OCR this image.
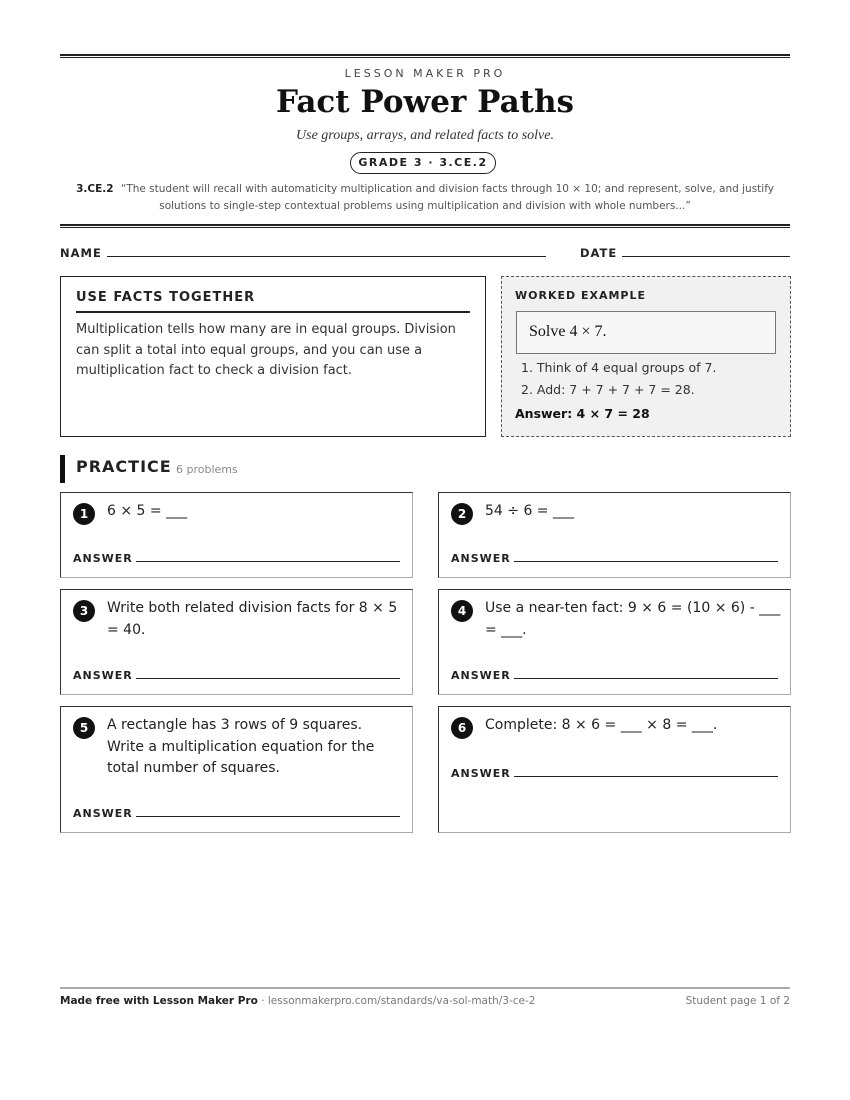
LESSON MAKER PRO
Fact Power Paths
Use groups, arrays, and related facts to solve.
GRADE 3 · 3.CE.2
3.CE.2 “The student will recall with automaticity multiplication and division facts through 10 × 10; and represent, solve, and justify solutions to single-step contextual problems using multiplication and division with whole numbers...”
NAME	DATE
USE FACTS TOGETHER
Multiplication tells how many are in equal groups. Division can split a total into equal groups, and you can use a multiplication fact to check a division fact.
WORKED EXAMPLE
Solve 4 × 7.
1. Think of 4 equal groups of 7.
2. Add: 7 + 7 + 7 + 7 = 28.
Answer: 4 × 7 = 28
PRACTICE 6 problems
1	6 × 5 = ___
ANSWER
2	54 ÷ 6 = ___
ANSWER
3	Write both related division facts for 8 × 5 = 40.
ANSWER
4	Use a near-ten fact: 9 × 6 = (10 × 6) - ___ = ___.
ANSWER
5	A rectangle has 3 rows of 9 squares. Write a multiplication equation for the total number of squares.
ANSWER
6	Complete: 8 × 6 = ___ × 8 = ___.
ANSWER
Made free with Lesson Maker Pro · lessonmakerpro.com/standards/va-sol-math/3-ce-2	Student page 1 of 2
